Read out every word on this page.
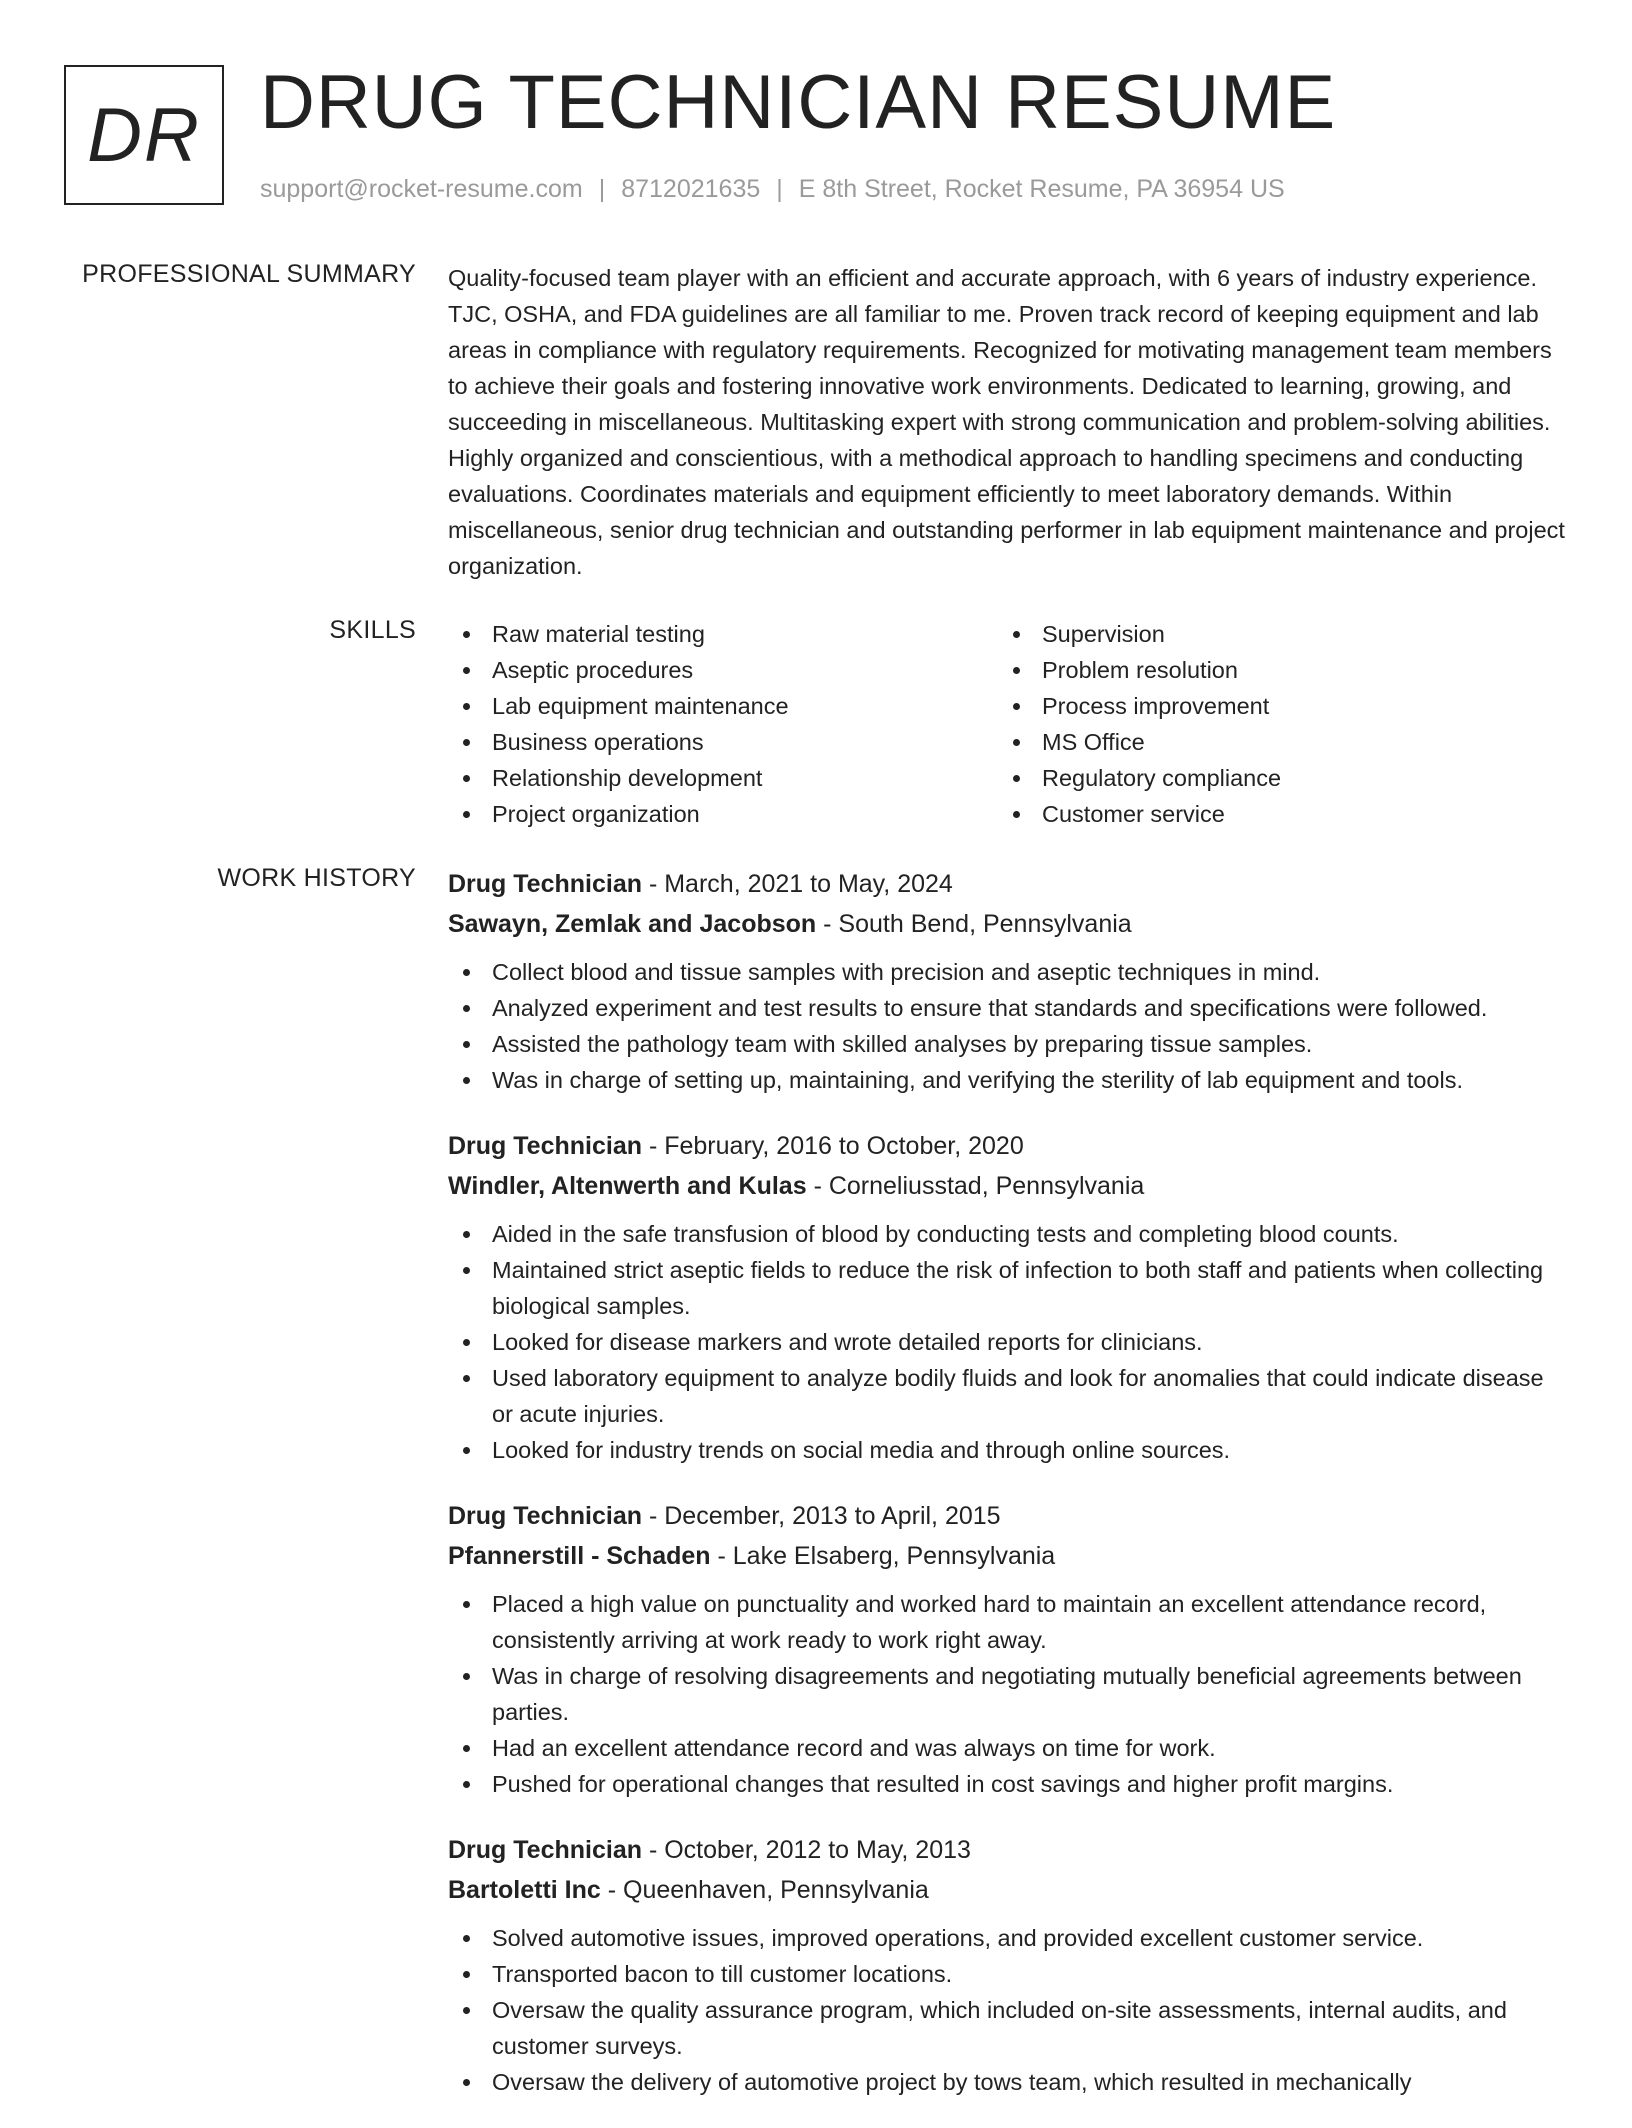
DR DRUG TECHNICIAN RESUME

support@rocket-resume.com | 8712021635 | E 8th Street, Rocket Resume, PA 36954 US

PROFESSIONAL SUMMARY Quality-focused team player with an efficient and accurate approach, with 6 years of industry experience. TJC, OSHA, and FDA guidelines are all familiar to me. Proven track record of keeping equipment and lab areas in compliance with regulatory requirements. Recognized for motivating management team members to achieve their goals and fostering innovative work environments. Dedicated to learning, growing, and succeeding in miscellaneous. Multitasking expert with strong communication and problem-solving abilities. Highly organized and conscientious, with a methodical approach to handling specimens and conducting evaluations. Coordinates materials and equipment efficiently to meet laboratory demands. Within miscellaneous, senior drug technician and outstanding performer in lab equipment maintenance and project organization.

SKILLS	Raw material testing
Aseptic procedures
Lab equipment maintenance
Business operations
Relationship development
Project organization
Supervision
Problem resolution
Process improvement
MS Office
Regulatory compliance
Customer service
WORK HISTORY Drug Technician - March, 2021 to May, 2024
Sawayn, Zemlak and Jacobson - South Bend, Pennsylvania
Collect blood and tissue samples with precision and aseptic techniques in mind.
Analyzed experiment and test results to ensure that standards and specifications were followed.
Assisted the pathology team with skilled analyses by preparing tissue samples.
Was in charge of setting up, maintaining, and verifying the sterility of lab equipment and tools.
Drug Technician - February, 2016 to October, 2020
Windler, Altenwerth and Kulas - Corneliusstad, Pennsylvania
Aided in the safe transfusion of blood by conducting tests and completing blood counts.
Maintained strict aseptic fields to reduce the risk of infection to both staff and patients when collecting biological samples.
Looked for disease markers and wrote detailed reports for clinicians.
Used laboratory equipment to analyze bodily fluids and look for anomalies that could indicate disease or acute injuries.
Looked for industry trends on social media and through online sources.
Drug Technician - December, 2013 to April, 2015
Pfannerstill - Schaden - Lake Elsaberg, Pennsylvania
Placed a high value on punctuality and worked hard to maintain an excellent attendance record, consistently arriving at work ready to work right away.
Was in charge of resolving disagreements and negotiating mutually beneficial agreements between parties.
Had an excellent attendance record and was always on time for work.
Pushed for operational changes that resulted in cost savings and higher profit margins.
Drug Technician - October, 2012 to May, 2013
Bartoletti Inc - Queenhaven, Pennsylvania
Solved automotive issues, improved operations, and provided excellent customer service.
Transported bacon to till customer locations.
Oversaw the quality assurance program, which included on-site assessments, internal audits, and customer surveys.
Oversaw the delivery of automotive project by tows team, which resulted in mechanically
